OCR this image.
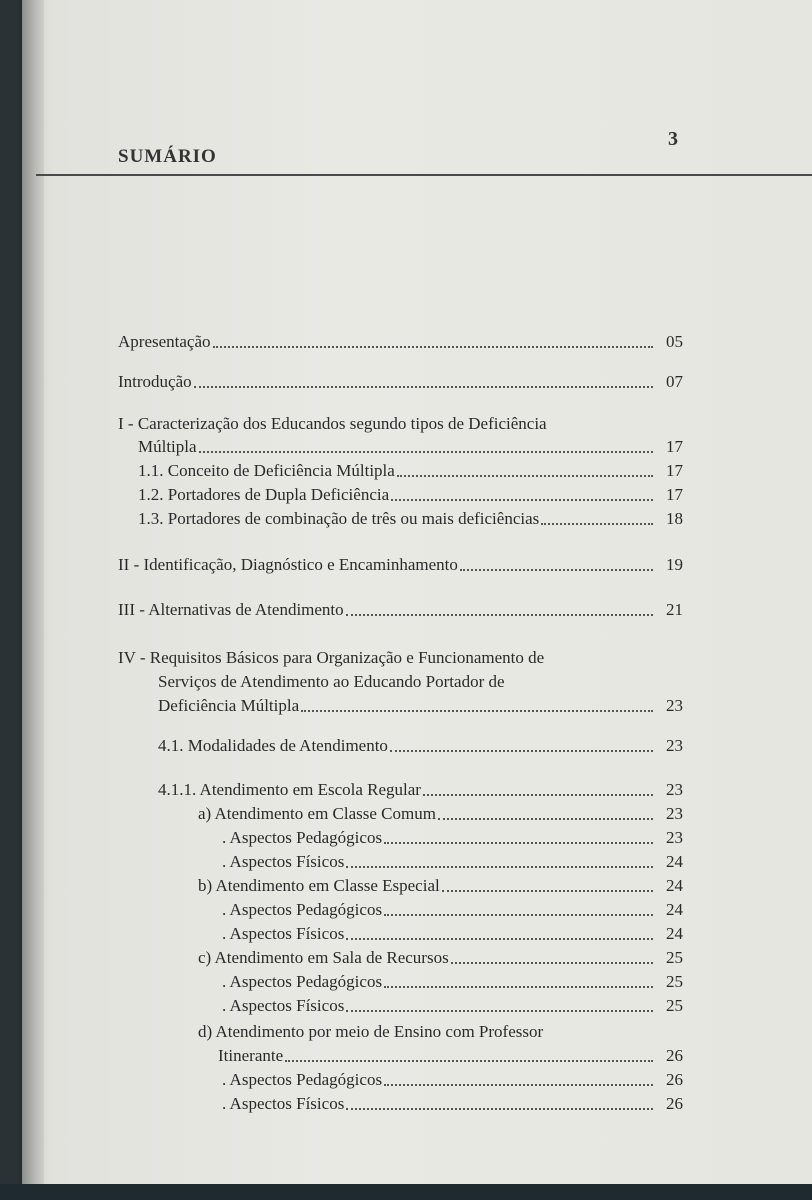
SUMÁRIO
3
Apresentação	05
Introdução	07
I - Caracterização dos Educandos segundo tipos de Deficiência
Múltipla	17
1.1. Conceito de Deficiência Múltipla	17
1.2. Portadores de Dupla Deficiência	17
1.3. Portadores de combinação de três ou mais deficiências	18
II - Identificação, Diagnóstico e Encaminhamento	19
III - Alternativas de Atendimento	21
IV - Requisitos Básicos para Organização e Funcionamento de
Serviços de Atendimento ao Educando Portador de
Deficiência Múltipla	23
4.1. Modalidades de Atendimento	23
4.1.1. Atendimento em Escola Regular	23
a) Atendimento em Classe Comum	23
. Aspectos Pedagógicos	23
. Aspectos Físicos	24
b) Atendimento em Classe Especial	24
. Aspectos Pedagógicos	24
. Aspectos Físicos	24
c) Atendimento em Sala de Recursos	25
. Aspectos Pedagógicos	25
. Aspectos Físicos	25
d) Atendimento por meio de Ensino com Professor
Itinerante	26
. Aspectos Pedagógicos	26
. Aspectos Físicos	26
